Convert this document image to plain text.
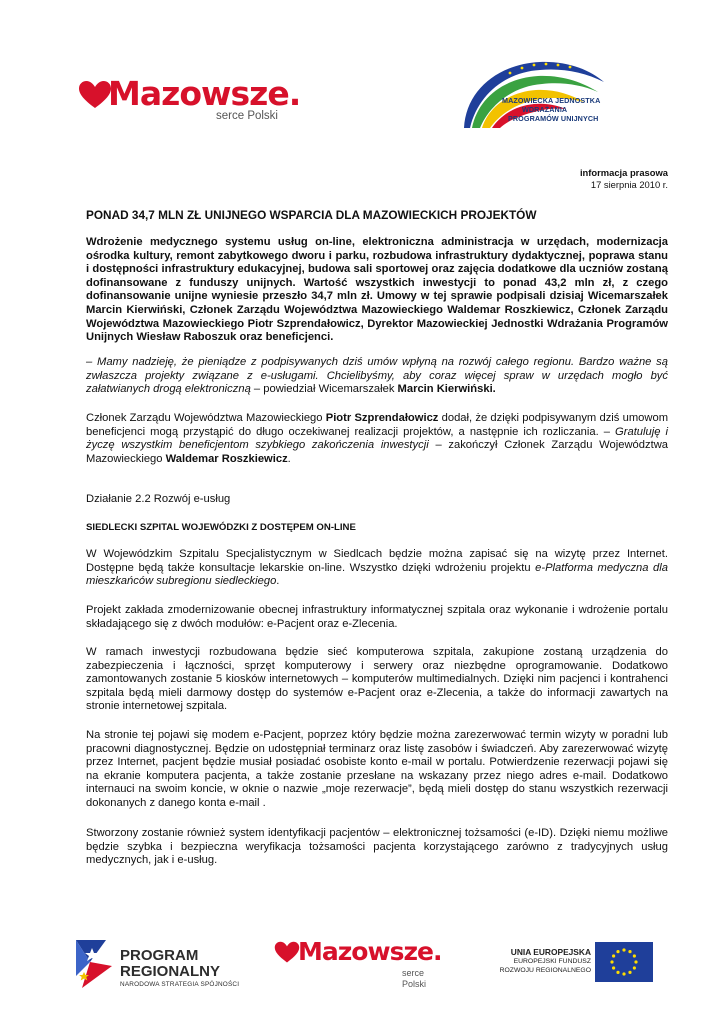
Mazowsze.
serce Polski
MAZOWIECKA JEDNOSTKA
WDRAŻANIA
PROGRAMÓW UNIJNYCH
informacja prasowa
17 sierpnia 2010 r.
PONAD 34,7 MLN ZŁ UNIJNEGO WSPARCIA DLA MAZOWIECKICH PROJEKTÓW
Wdrożenie medycznego systemu usług on-line, elektroniczna administracja w urzędach, modernizacja ośrodka kultury, remont zabytkowego dworu i parku, rozbudowa infrastruktury dydaktycznej, poprawa stanu i dostępności infrastruktury edukacyjnej, budowa sali sportowej oraz zajęcia dodatkowe dla uczniów zostaną dofinansowane z funduszy unijnych. Wartość wszystkich inwestycji to ponad 43,2 mln zł, z czego dofinansowanie unijne wyniesie przeszło 34,7 mln zł. Umowy w tej sprawie podpisali dzisiaj Wicemarszałek Marcin Kierwiński, Członek Zarządu Województwa Mazowieckiego Waldemar Roszkiewicz, Członek Zarządu Województwa Mazowieckiego Piotr Szprendałowicz, Dyrektor Mazowieckiej Jednostki Wdrażania Programów Unijnych Wiesław Raboszuk oraz beneficjenci.
– Mamy nadzieję, że pieniądze z podpisywanych dziś umów wpłyną na rozwój całego regionu. Bardzo ważne są zwłaszcza projekty związane z e-usługami. Chcielibyśmy, aby coraz więcej spraw w urzędach mogło być załatwianych drogą elektroniczną – powiedział Wicemarszałek Marcin Kierwiński.
Członek Zarządu Województwa Mazowieckiego Piotr Szprendałowicz dodał, że dzięki podpisywanym dziś umowom beneficjenci mogą przystąpić do długo oczekiwanej realizacji projektów, a następnie ich rozliczania. – Gratuluję i życzę wszystkim beneficjentom szybkiego zakończenia inwestycji – zakończył Członek Zarządu Województwa Mazowieckiego Waldemar Roszkiewicz.
Działanie 2.2 Rozwój e-usług
SIEDLECKI SZPITAL WOJEWÓDZKI Z DOSTĘPEM ON-LINE
W Wojewódzkim Szpitalu Specjalistycznym w Siedlcach będzie można zapisać się na wizytę przez Internet. Dostępne będą także konsultacje lekarskie on-line. Wszystko dzięki wdrożeniu projektu e-Platforma medyczna dla mieszkańców subregionu siedleckiego.
Projekt zakłada zmodernizowanie obecnej infrastruktury informatycznej szpitala oraz wykonanie i wdrożenie portalu składającego się z dwóch modułów: e-Pacjent oraz e-Zlecenia.
W ramach inwestycji rozbudowana będzie sieć komputerowa szpitala, zakupione zostaną urządzenia do zabezpieczenia i łączności, sprzęt komputerowy i serwery oraz niezbędne oprogramowanie. Dodatkowo zamontowanych zostanie 5 kiosków internetowych – komputerów multimedialnych. Dzięki nim pacjenci i kontrahenci szpitala będą mieli darmowy dostęp do systemów e-Pacjent oraz e-Zlecenia, a także do informacji zawartych na stronie internetowej szpitala.
Na stronie tej pojawi się modem e-Pacjent, poprzez który będzie można zarezerwować termin wizyty w poradni lub pracowni diagnostycznej. Będzie on udostępniał terminarz oraz listę zasobów i świadczeń. Aby zarezerwować wizytę przez Internet, pacjent będzie musiał posiadać osobiste konto e-mail w portalu. Potwierdzenie rezerwacji pojawi się na ekranie komputera pacjenta, a także zostanie przesłane na wskazany przez niego adres e-mail. Dodatkowo internauci na swoim koncie, w oknie o nazwie „moje rezerwacje”, będą mieli dostęp do stanu wszystkich rezerwacji dokonanych z danego konta e-mail .
Stworzony zostanie również system identyfikacji pacjentów – elektronicznej tożsamości (e-ID). Dzięki niemu możliwe będzie szybka i bezpieczna weryfikacja tożsamości pacjenta korzystającego zarówno z tradycyjnych usług medycznych, jak i e-usług.
PROGRAM
REGIONALNY
NARODOWA STRATEGIA SPÓJNOŚCI
Mazowsze.
serce Polski
UNIA EUROPEJSKA
EUROPEJSKI FUNDUSZ
ROZWOJU REGIONALNEGO
